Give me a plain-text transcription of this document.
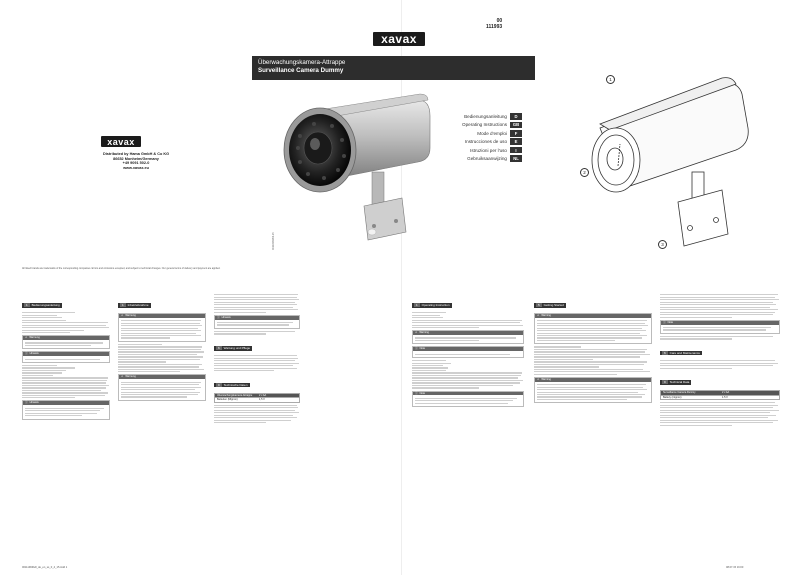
xavax
00
111993
Überwachungskamera-Attrappe
Surveillance Camera Dummy
xavax
Distributed by Hama GmbH & Co KG
86652 Monheim/Germany
+49 9091 502-0
www.xavax.eu
Bedienungsanleitung	D
Operating Instructions	GB
Mode d'emploi	F
Instrucciones de uso	E
Istruzioni per l'uso	I
Gebruiksaanwijzing	NL
1
2
3

All listed brands are trademarks of the corresponding companies. Errors and omissions excepted, and subject to technical changes. Our general terms of delivery and payment are applied.

00111993/04.15
1 Bedienungsanleitung
⚠ Warnung
ⓘ Hinweis
ⓘ Hinweis
1 Inbetriebnahme
⚠ Warnung
⚠ Warnung
ⓘ Hinweis
6 Wartung und Pflege
9 Technische Daten
Überwachungskamera-Attrappe	2 x AA
Batterien (Mignon)	1,5 V
1 Operating Instruction
⚠ Warning
ⓘ Note
ⓘ Note
5 Getting Started
⚠ Warning
⚠ Warning
ⓘ Note
6 Care and Maintenance
9 Technical Data
Surveillance Camera Dummy	2 x AA
Battery (mignon)	1.5 V
00111993bdl_de_en_ss_0_4_15.indd 1	08.07.15 16:00
